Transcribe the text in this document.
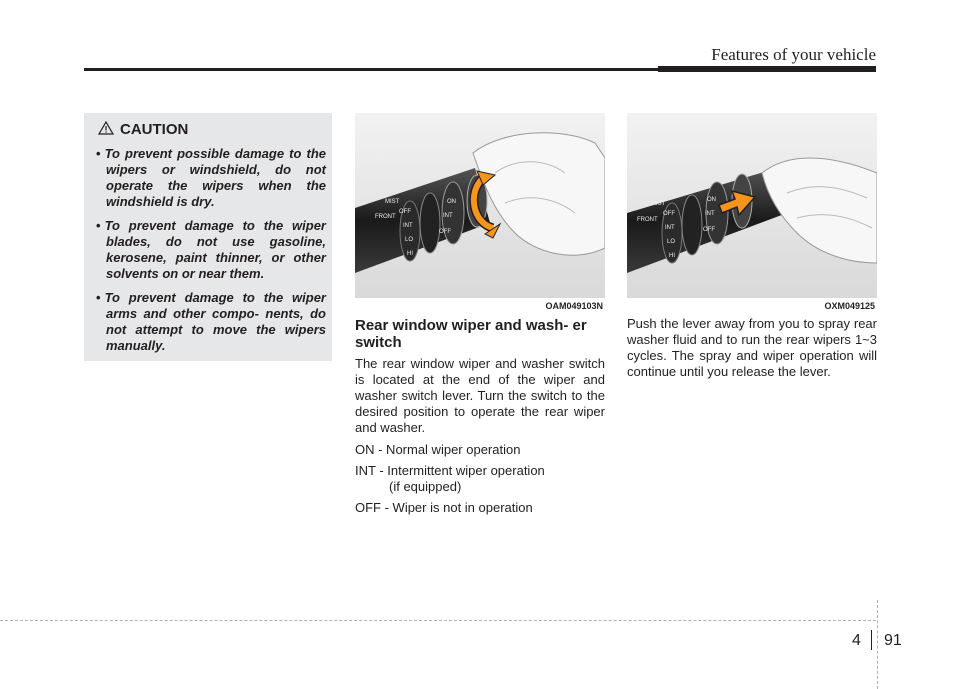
Features of your vehicle
CAUTION
• To prevent possible damage to the wipers or windshield, do not operate the wipers when the windshield is dry.
• To prevent damage to the wiper blades, do not use gasoline, kerosene, paint thinner, or other solvents on or near them.
• To prevent damage to the wiper arms and other compo- nents, do not attempt to move the wipers manually.
FRONT
MIST
OFF
INT
LO
HI
ON
INT
OFF
OAM049103N
FRONT
MIST
OFF
INT
LO
HI
ON
INT
OFF
OXM049125
Rear window wiper and wash- er switch
The rear window wiper and washer switch is located at the end of the wiper and washer switch lever. Turn the switch to the desired position to operate the rear wiper and washer.
ON - Normal wiper operation
INT - Intermittent wiper operation
(if equipped)
OFF - Wiper is not in operation
Push the lever away from you to spray rear washer fluid and to run the rear wipers 1~3 cycles. The spray and wiper operation will continue until you release the lever.
4 91
